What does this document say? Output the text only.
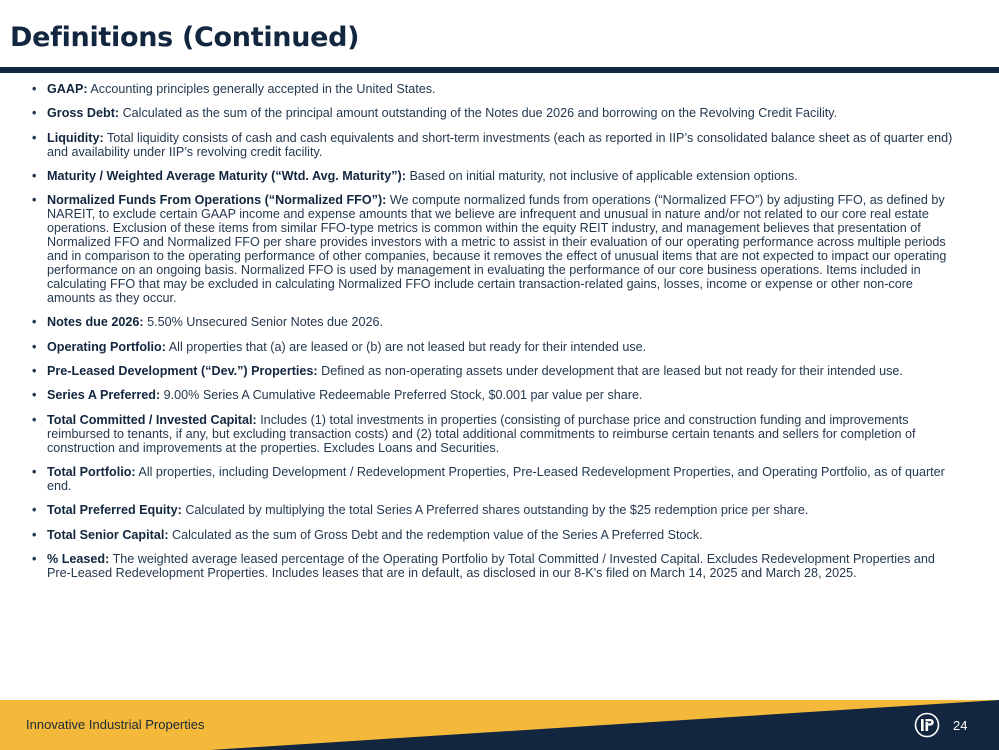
Definitions (Continued)
• GAAP: Accounting principles generally accepted in the United States.
• Gross Debt: Calculated as the sum of the principal amount outstanding of the Notes due 2026 and borrowing on the Revolving Credit Facility.
• Liquidity: Total liquidity consists of cash and cash equivalents and short-term investments (each as reported in IIP’s consolidated balance sheet as of quarter end) and availability under IIP’s revolving credit facility.
• Maturity / Weighted Average Maturity (“Wtd. Avg. Maturity”): Based on initial maturity, not inclusive of applicable extension options.
• Normalized Funds From Operations (“Normalized FFO”): We compute normalized funds from operations (“Normalized FFO”) by adjusting FFO, as defined by NAREIT, to exclude certain GAAP income and expense amounts that we believe are infrequent and unusual in nature and/or not related to our core real estate operations. Exclusion of these items from similar FFO-type metrics is common within the equity REIT industry, and management believes that presentation of Normalized FFO and Normalized FFO per share provides investors with a metric to assist in their evaluation of our operating performance across multiple periods and in comparison to the operating performance of other companies, because it removes the effect of unusual items that are not expected to impact our operating performance on an ongoing basis. Normalized FFO is used by management in evaluating the performance of our core business operations. Items included in calculating FFO that may be excluded in calculating Normalized FFO include certain transaction-related gains, losses, income or expense or other non-core amounts as they occur.
• Notes due 2026: 5.50% Unsecured Senior Notes due 2026.
• Operating Portfolio: All properties that (a) are leased or (b) are not leased but ready for their intended use.
• Pre-Leased Development (“Dev.”) Properties: Defined as non-operating assets under development that are leased but not ready for their intended use.
• Series A Preferred: 9.00% Series A Cumulative Redeemable Preferred Stock, $0.001 par value per share.
• Total Committed / Invested Capital: Includes (1) total investments in properties (consisting of purchase price and construction funding and improvements reimbursed to tenants, if any, but excluding transaction costs) and (2) total additional commitments to reimburse certain tenants and sellers for completion of construction and improvements at the properties. Excludes Loans and Securities.
• Total Portfolio: All properties, including Development / Redevelopment Properties, Pre-Leased Redevelopment Properties, and Operating Portfolio, as of quarter end.
• Total Preferred Equity: Calculated by multiplying the total Series A Preferred shares outstanding by the $25 redemption price per share.
• Total Senior Capital: Calculated as the sum of Gross Debt and the redemption value of the Series A Preferred Stock.
• % Leased: The weighted average leased percentage of the Operating Portfolio by Total Committed / Invested Capital. Excludes Redevelopment Properties and Pre-Leased Redevelopment Properties. Includes leases that are in default, as disclosed in our 8-K's filed on March 14, 2025 and March 28, 2025.
Innovative Industrial Properties	24
